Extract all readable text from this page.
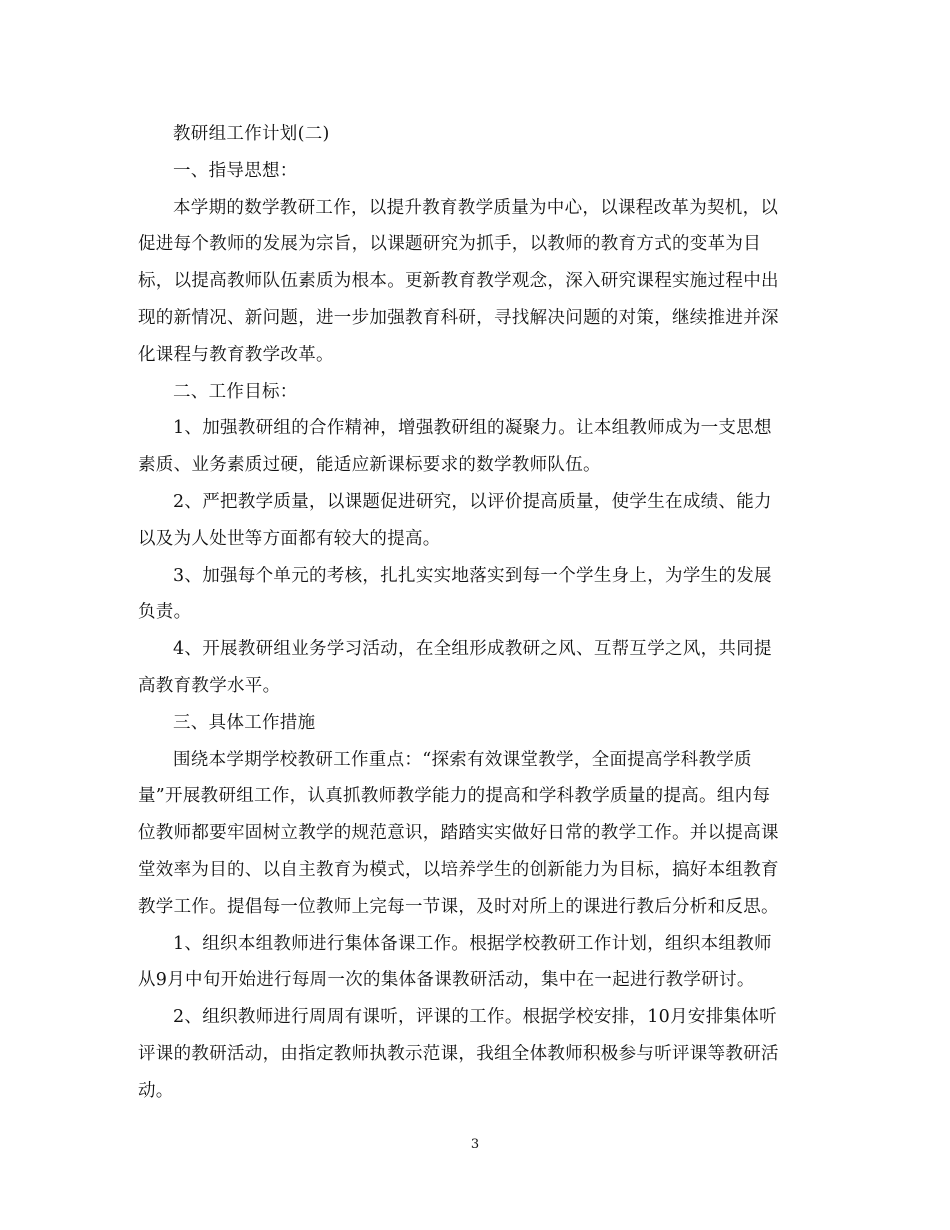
教研组工作计划(二)

一、指导思想：

本学期的数学教研工作，以提升教育教学质量为中心，以课程改革为契机，以
促进每个教师的发展为宗旨，以课题研究为抓手，以教师的教育方式的变革为目
标，以提高教师队伍素质为根本。更新教育教学观念，深入研究课程实施过程中出
现的新情况、新问题，进一步加强教育科研，寻找解决问题的对策，继续推进并深
化课程与教育教学改革。

二、工作目标：

1、加强教研组的合作精神，增强教研组的凝聚力。让本组教师成为一支思想
素质、业务素质过硬，能适应新课标要求的数学教师队伍。

2、严把教学质量，以课题促进研究，以评价提高质量，使学生在成绩、能力
以及为人处世等方面都有较大的提高。

3、加强每个单元的考核，扎扎实实地落实到每一个学生身上，为学生的发展
负责。

4、开展教研组业务学习活动，在全组形成教研之风、互帮互学之风，共同提
高教育教学水平。

三、具体工作措施

围绕本学期学校教研工作重点：“探索有效课堂教学，全面提高学科教学质
量”开展教研组工作，认真抓教师教学能力的提高和学科教学质量的提高。组内每
位教师都要牢固树立教学的规范意识，踏踏实实做好日常的教学工作。并以提高课
堂效率为目的、以自主教育为模式，以培养学生的创新能力为目标，搞好本组教育
教学工作。提倡每一位教师上完每一节课，及时对所上的课进行教后分析和反思。

1、组织本组教师进行集体备课工作。根据学校教研工作计划，组织本组教师
从9月中旬开始进行每周一次的集体备课教研活动，集中在一起进行教学研讨。

2、组织教师进行周周有课听，评课的工作。根据学校安排，10月安排集体听
评课的教研活动，由指定教师执教示范课，我组全体教师积极参与听评课等教研活
动。

3
